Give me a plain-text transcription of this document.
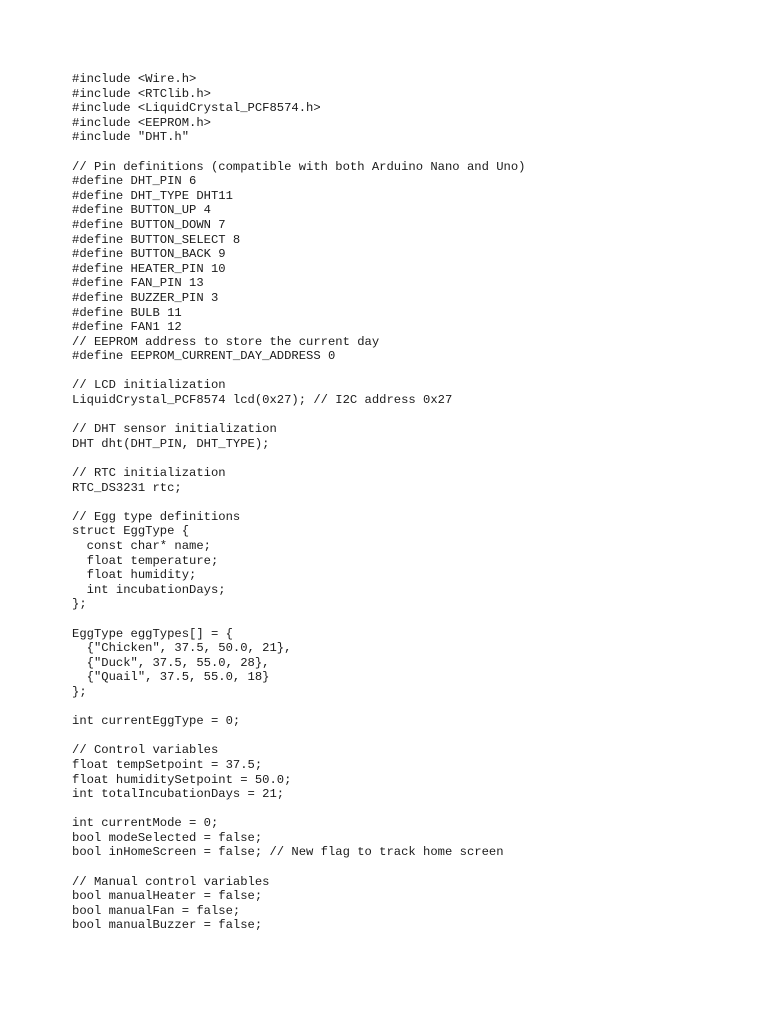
#include <Wire.h>
#include <RTClib.h>
#include <LiquidCrystal_PCF8574.h>
#include <EEPROM.h>
#include "DHT.h"

// Pin definitions (compatible with both Arduino Nano and Uno)
#define DHT_PIN 6
#define DHT_TYPE DHT11
#define BUTTON_UP 4
#define BUTTON_DOWN 7
#define BUTTON_SELECT 8
#define BUTTON_BACK 9
#define HEATER_PIN 10
#define FAN_PIN 13
#define BUZZER_PIN 3
#define BULB 11
#define FAN1 12
// EEPROM address to store the current day
#define EEPROM_CURRENT_DAY_ADDRESS 0

// LCD initialization
LiquidCrystal_PCF8574 lcd(0x27); // I2C address 0x27

// DHT sensor initialization
DHT dht(DHT_PIN, DHT_TYPE);

// RTC initialization
RTC_DS3231 rtc;

// Egg type definitions
struct EggType {
const char* name;
float temperature;
float humidity;
int incubationDays;
};

EggType eggTypes[] = {
{"Chicken", 37.5, 50.0, 21},
{"Duck", 37.5, 55.0, 28},
{"Quail", 37.5, 55.0, 18}
};

int currentEggType = 0;

// Control variables
float tempSetpoint = 37.5;
float humiditySetpoint = 50.0;
int totalIncubationDays = 21;

int currentMode = 0;
bool modeSelected = false;
bool inHomeScreen = false; // New flag to track home screen

// Manual control variables
bool manualHeater = false;
bool manualFan = false;
bool manualBuzzer = false;
